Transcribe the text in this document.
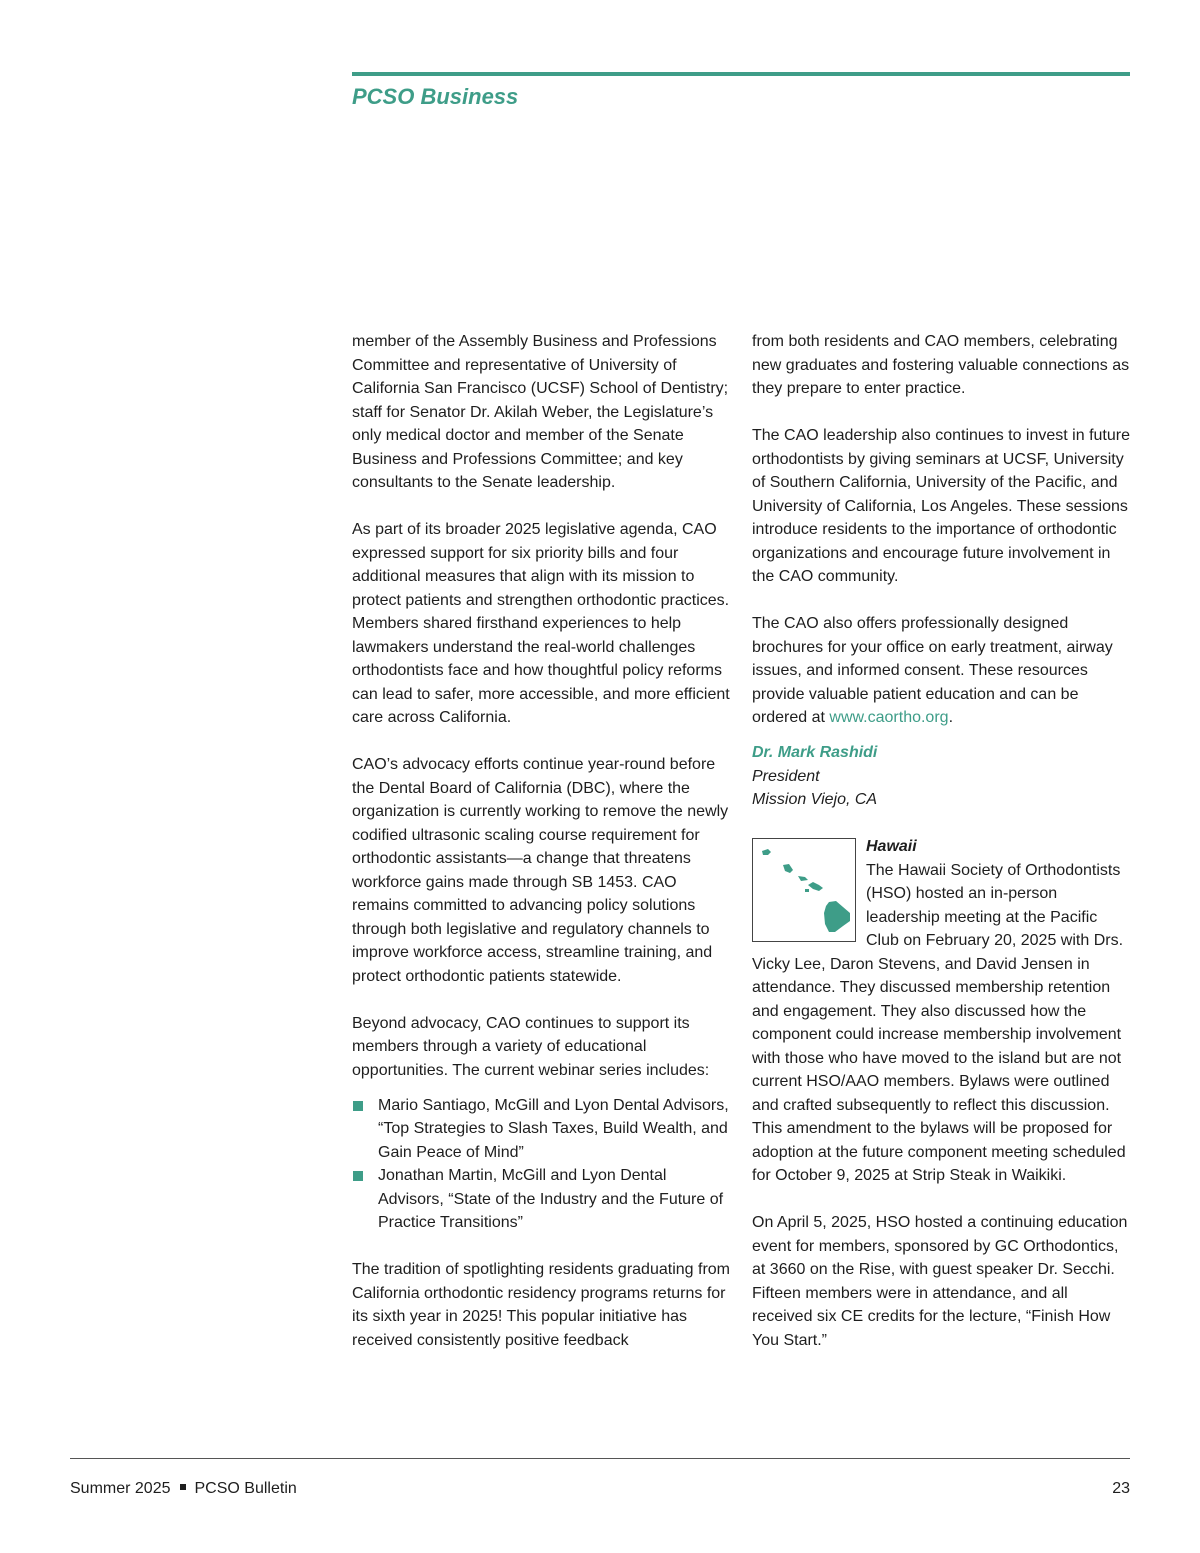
PCSO Business

member of the Assembly Business and Professions Committee and representative of University of California San Francisco (UCSF) School of Dentistry; staff for Senator Dr. Akilah Weber, the Legislature’s only medical doctor and member of the Senate Business and Professions Committee; and key consultants to the Senate leadership.

As part of its broader 2025 legislative agenda, CAO expressed support for six priority bills and four additional measures that align with its mission to protect patients and strengthen orthodontic practices. Members shared firsthand experiences to help lawmakers understand the real-world challenges orthodontists face and how thoughtful policy reforms can lead to safer, more accessible, and more efficient care across California.

CAO’s advocacy efforts continue year-round before the Dental Board of California (DBC), where the organization is currently working to remove the newly codified ultrasonic scaling course requirement for orthodontic assistants—a change that threatens workforce gains made through SB 1453. CAO remains committed to advancing policy solutions through both legislative and regulatory channels to improve workforce access, streamline training, and protect orthodontic patients statewide.

Beyond advocacy, CAO continues to support its members through a variety of educational opportunities. The current webinar series includes:

Mario Santiago, McGill and Lyon Dental Advisors, “Top Strategies to Slash Taxes, Build Wealth, and Gain Peace of Mind”
Jonathan Martin, McGill and Lyon Dental Advisors, “State of the Industry and the Future of Practice Transitions”

The tradition of spotlighting residents graduating from California orthodontic residency programs returns for its sixth year in 2025! This popular initiative has received consistently positive feedback

from both residents and CAO members, celebrating new graduates and fostering valuable connections as they prepare to enter practice.

The CAO leadership also continues to invest in future orthodontists by giving seminars at UCSF, University of Southern California, University of the Pacific, and University of California, Los Angeles. These sessions introduce residents to the importance of orthodontic organizations and encourage future involvement in the CAO community.

The CAO also offers professionally designed brochures for your office on early treatment, airway issues, and informed consent. These resources provide valuable patient education and can be ordered at www.caortho.org.

Dr. Mark Rashidi
President
Mission Viejo, CA
Hawaii

The Hawaii Society of Orthodontists (HSO) hosted an in-person leadership meeting at the Pacific Club on February 20, 2025 with Drs. Vicky Lee, Daron Stevens, and David Jensen in attendance. They discussed membership retention and engagement. They also discussed how the component could increase membership involvement with those who have moved to the island but are not current HSO/AAO members. Bylaws were outlined and crafted subsequently to reflect this discussion. This amendment to the bylaws will be proposed for adoption at the future component meeting scheduled for October 9, 2025 at Strip Steak in Waikiki.

On April 5, 2025, HSO hosted a continuing education event for members, sponsored by GC Orthodontics, at 3660 on the Rise, with guest speaker Dr. Secchi. Fifteen members were in attendance, and all received six CE credits for the lecture, “Finish How You Start.”

Summer 2025 PCSO Bulletin	23
